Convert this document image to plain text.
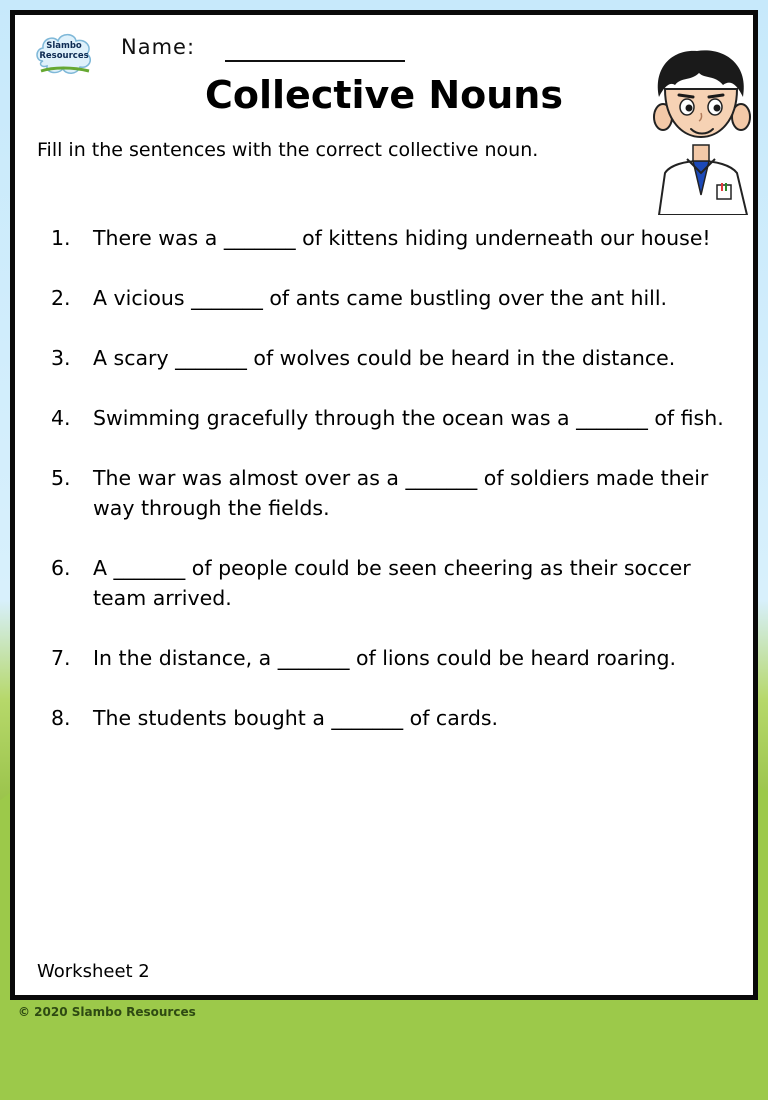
Slambo
Resources	Name:
Collective Nouns
Fill in the sentences with the correct collective noun.
1. There was a _______ of kittens hiding underneath our house!
2. A vicious _______ of ants came bustling over the ant hill.
3. A scary _______ of wolves could be heard in the distance.
4. Swimming gracefully through the ocean was a _______ of fish.
5. The war was almost over as a _______ of soldiers made their way through the fields.
6. A _______ of people could be seen cheering as their soccer team arrived.
7. In the distance, a _______ of lions could be heard roaring.
8. The students bought a _______ of cards.
Worksheet 2
© 2020 Slambo Resources
